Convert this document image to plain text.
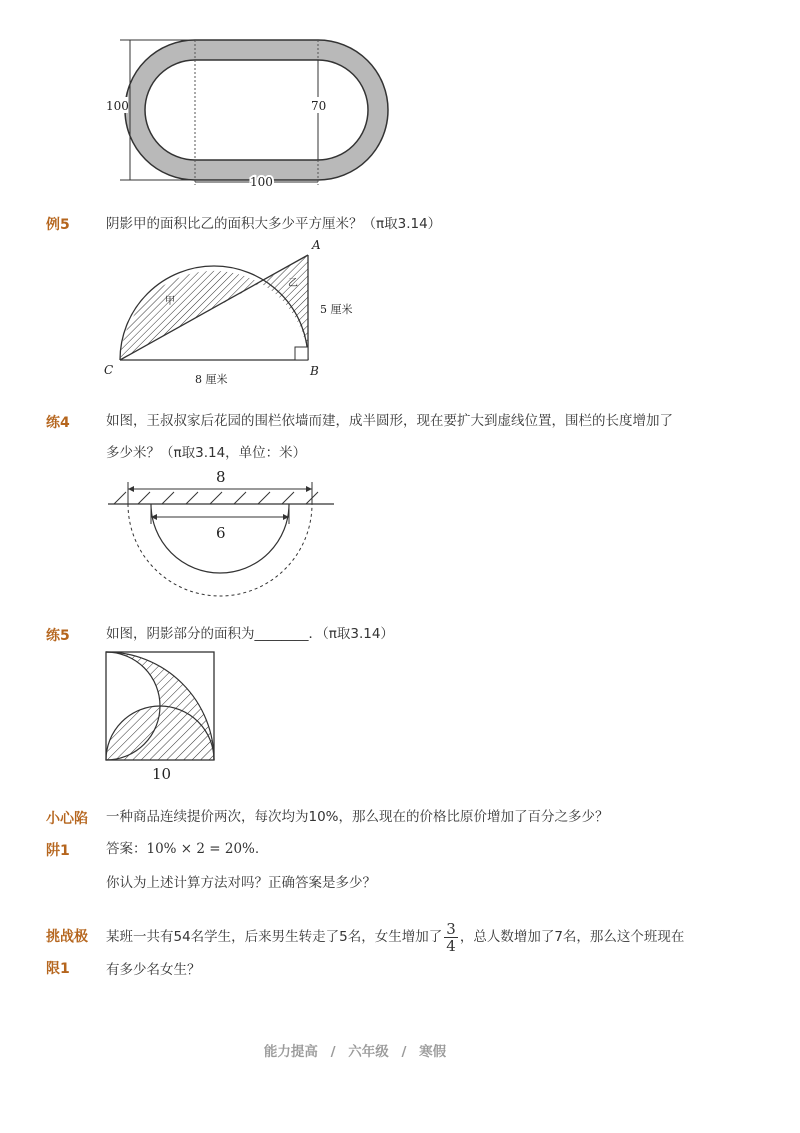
100	70
100
例5	阴影甲的面积比乙的面积大多少平方厘米？（π取3.14）
A
B
C
甲
乙
5 厘米
8 厘米
练4	如图，王叔叔家后花园的围栏依墙而建，成半圆形，现在要扩大到虚线位置，围栏的长度增加了
多少米？（π取3.14，单位：米）
8
6
练5	如图，阴影部分的面积为________．（π取3.14）
10
小心陷
阱1
一种商品连续提价两次，每次均为10%，那么现在的价格比原价增加了百分之多少？
答案：10% × 2 = 20%.
你认为上述计算方法对吗？正确答案是多少？
挑战极
限1
某班一共有54名学生，后来男生转走了5名，女生增加了 $\frac{3}{4}$ ，总人数增加了7名，那么这个班现在
有多少名女生？
能力提高 / 六年级 / 寒假
